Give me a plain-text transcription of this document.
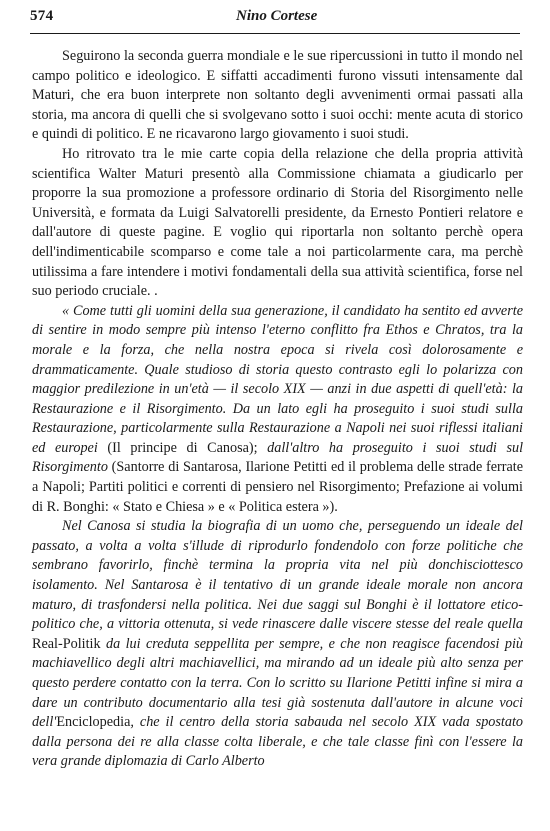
574	Nino Cortese

Seguirono la seconda guerra mondiale e le sue ripercussioni in tutto il mondo nel campo politico e ideologico. E siffatti accadimenti furono vissuti intensamente dal Maturi, che era buon interprete non soltanto degli avvenimenti ormai passati alla storia, ma ancora di quelli che si svolgevano sotto i suoi occhi: mente acuta di storico e quindi di politico. E ne ricavarono largo giovamento i suoi studi.

Ho ritrovato tra le mie carte copia della relazione che della propria attività scientifica Walter Maturi presentò alla Commissione chiamata a giudicarlo per proporre la sua promozione a professore ordinario di Storia del Risorgimento nelle Università, e formata da Luigi Salvatorelli presidente, da Ernesto Pontieri relatore e dall'autore di queste pagine. E voglio qui riportarla non soltanto perchè opera dell'indimenticabile scomparso e come tale a noi particolarmente cara, ma perchè utilissima a fare intendere i motivi fondamentali della sua attività scientifica, forse nel suo periodo cruciale. .

« Come tutti gli uomini della sua generazione, il candidato ha sentito ed avverte di sentire in modo sempre più intenso l'eterno conflitto fra Ethos e Chratos, tra la morale e la forza, che nella nostra epoca si rivela così dolorosamente e drammaticamente. Quale studioso di storia questo contrasto egli lo polarizza con maggior predilezione in un'età — il secolo XIX — anzi in due aspetti di quell'età: la Restaurazione e il Risorgimento. Da un lato egli ha proseguito i suoi studi sulla Restaurazione, particolarmente sulla Restaurazione a Napoli nei suoi riflessi italiani ed europei (Il principe di Canosa); dall'altro ha proseguito i suoi studi sul Risorgimento (Santorre di Santarosa, Ilarione Petitti ed il problema delle strade ferrate a Napoli; Partiti politici e correnti di pensiero nel Risorgimento; Prefazione ai volumi di R. Bonghi: « Stato e Chiesa » e « Politica estera »).

Nel Canosa si studia la biografia di un uomo che, perseguendo un ideale del passato, a volta a volta s'illude di riprodurlo fondendolo con forze politiche che sembrano favorirlo, finchè termina la propria vita nel più donchisciottesco isolamento. Nel Santarosa è il tentativo di un grande ideale morale non ancora maturo, di trasfondersi nella politica. Nei due saggi sul Bonghi è il lottatore etico-politico che, a vittoria ottenuta, si vede rinascere dalle viscere stesse del reale quella Real-Politik da lui creduta seppellita per sempre, e che non reagisce facendosi più machiavellico degli altri machiavellici, ma mirando ad un ideale più alto senza per questo perdere contatto con la terra. Con lo scritto su Ilarione Petitti infine si mira a dare un contributo documentario alla tesi già sostenuta dall'autore in alcune voci dell'Enciclopedia, che il centro della storia sabauda nel secolo XIX vada spostato dalla persona dei re alla classe colta liberale, e che tale classe finì con l'essere la vera grande diplomazia di Carlo Alberto
